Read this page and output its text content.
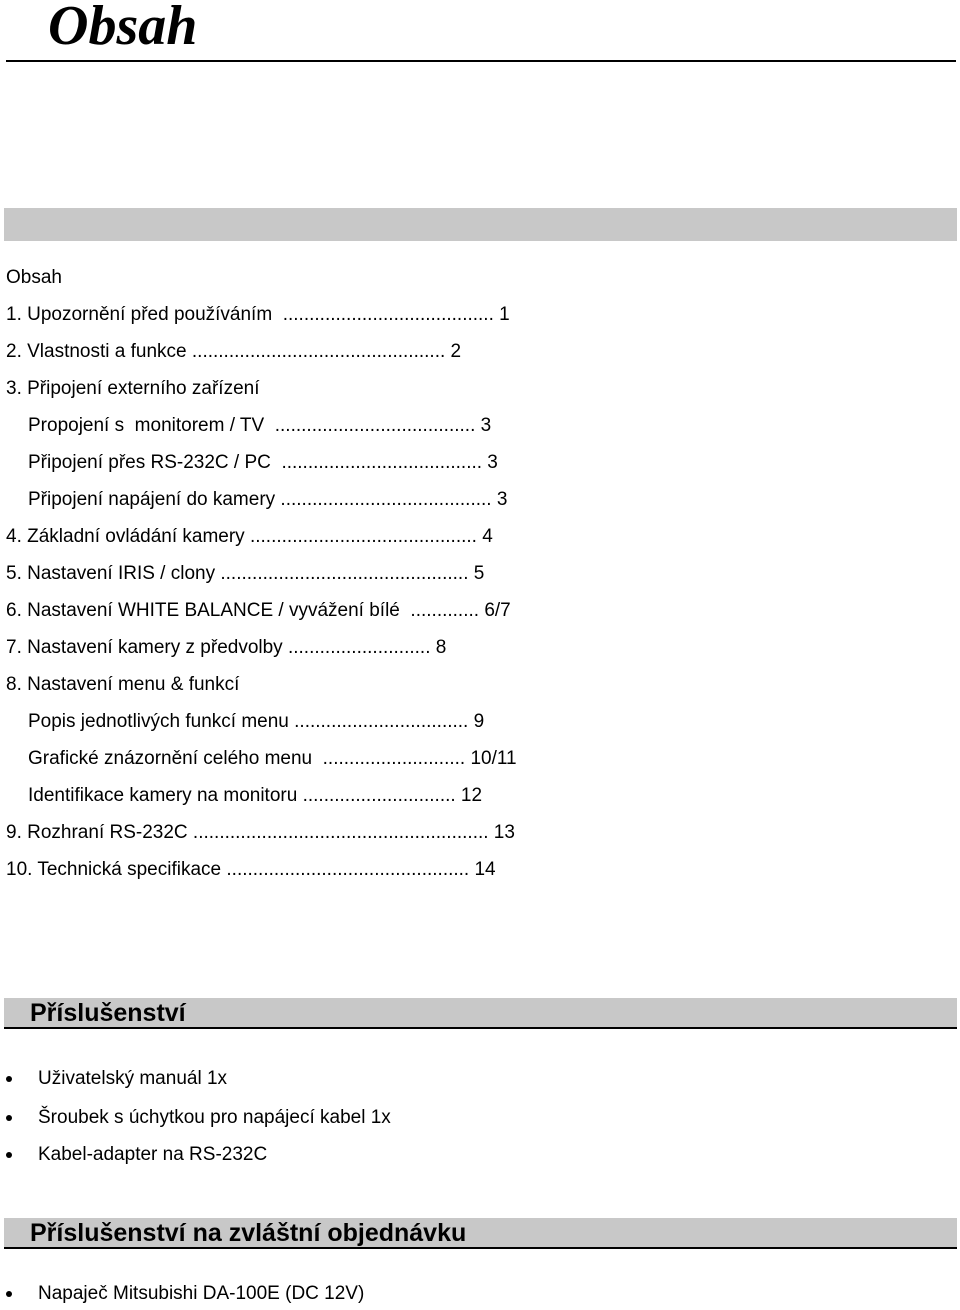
Obsah
Obsah
1. Upozornění před používáním  ........................................ 1
2. Vlastnosti a funkce ................................................ 2
3. Připojení externího zařízení
Propojení s  monitorem / TV  ...................................... 3
Připojení přes RS-232C / PC  ...................................... 3
Připojení napájení do kamery ........................................ 3
4. Základní ovládání kamery ........................................... 4
5. Nastavení IRIS / clony ............................................... 5
6. Nastavení WHITE BALANCE / vyvážení bílé  ............. 6/7
7. Nastavení kamery z předvolby ........................... 8
8. Nastavení menu & funkcí
Popis jednotlivých funkcí menu ................................. 9
Grafické znázornění celého menu  ........................... 10/11
Identifikace kamery na monitoru ............................. 12
9. Rozhraní RS-232C ........................................................ 13
10. Technická specifikace .............................................. 14
Příslušenství
Uživatelský manuál 1x
Šroubek s úchytkou pro napájecí kabel 1x
Kabel-adapter na RS-232C
Příslušenství na zvláštní objednávku
Napaječ Mitsubishi DA-100E (DC 12V)
